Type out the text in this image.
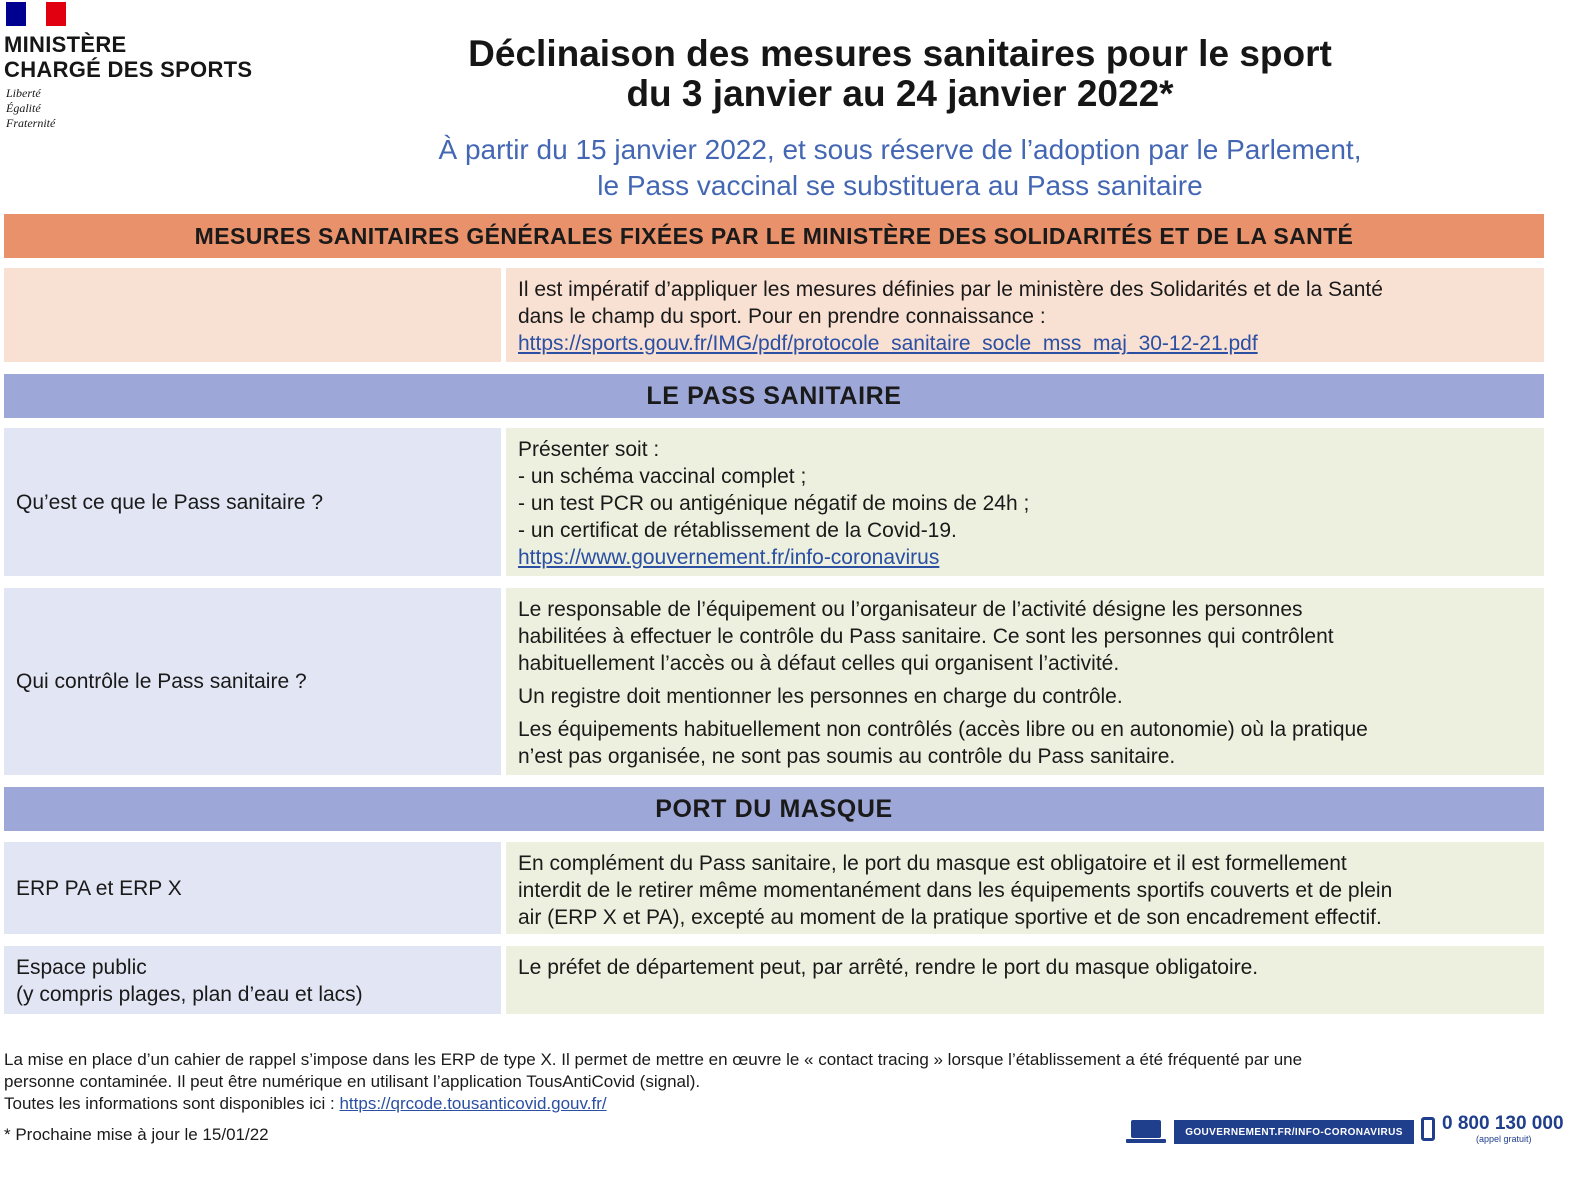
MINISTÈRE
CHARGÉ DES SPORTS
Liberté
Égalité
Fraternité
Déclinaison des mesures sanitaires pour le sport
du 3 janvier au 24 janvier 2022*
À partir du 15 janvier 2022, et sous réserve de l’adoption par le Parlement,
le Pass vaccinal se substituera au Pass sanitaire
MESURES SANITAIRES GÉNÉRALES FIXÉES PAR LE MINISTÈRE DES SOLIDARITÉS ET DE LA SANTÉ
Il est impératif d’appliquer les mesures définies par le ministère des Solidarités et de la Santé
dans le champ du sport. Pour en prendre connaissance :
https://sports.gouv.fr/IMG/pdf/protocole_sanitaire_socle_mss_maj_30-12-21.pdf
LE PASS SANITAIRE
Qu’est ce que le Pass sanitaire ?
Présenter soit :
- un schéma vaccinal complet ;
- un test PCR ou antigénique négatif de moins de 24h ;
- un certificat de rétablissement de la Covid-19.
https://www.gouvernement.fr/info-coronavirus
Qui contrôle le Pass sanitaire ?
Le responsable de l’équipement ou l’organisateur de l’activité désigne les personnes
habilitées à effectuer le contrôle du Pass sanitaire. Ce sont les personnes qui contrôlent
habituellement l’accès ou à défaut celles qui organisent l’activité.
Un registre doit mentionner les personnes en charge du contrôle.
Les équipements habituellement non contrôlés (accès libre ou en autonomie) où la pratique
n’est pas organisée, ne sont pas soumis au contrôle du Pass sanitaire.
PORT DU MASQUE
ERP PA et ERP X
En complément du Pass sanitaire, le port du masque est obligatoire et il est formellement
interdit de le retirer même momentanément dans les équipements sportifs couverts et de plein
air (ERP X et PA), excepté au moment de la pratique sportive et de son encadrement effectif.
Espace public
(y compris plages, plan d’eau et lacs)
Le préfet de département peut, par arrêté, rendre le port du masque obligatoire.
La mise en place d’un cahier de rappel s’impose dans les ERP de type X. Il permet de mettre en œuvre le « contact tracing » lorsque l’établissement a été fréquenté par une
personne contaminée. Il peut être numérique en utilisant l’application TousAntiCovid (signal).
Toutes les informations sont disponibles ici : https://qrcode.tousanticovid.gouv.fr/
* Prochaine mise à jour le 15/01/22	GOUVERNEMENT.FR/INFO-CORONAVIRUS	0 800 130 000
(appel gratuit)
